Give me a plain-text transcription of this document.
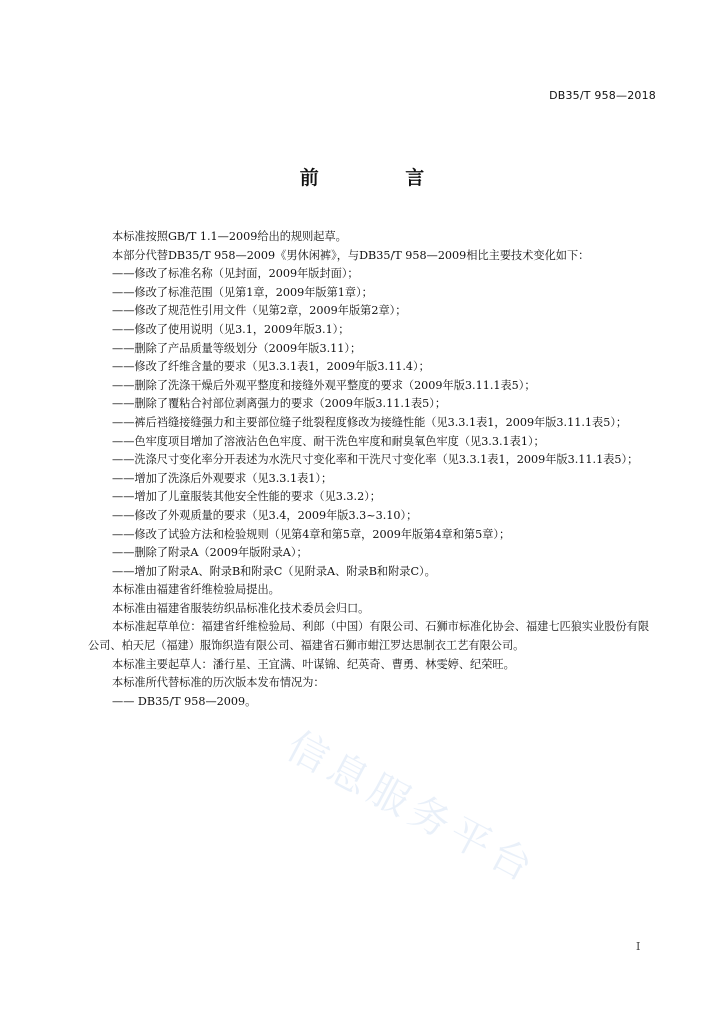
DB35/T 958—2018
前 言

本标准按照GB/T 1.1—2009给出的规则起草。

本部分代替DB35/T 958—2009《男休闲裤》，与DB35/T 958—2009相比主要技术变化如下：

——修改了标准名称（见封面，2009年版封面）；

——修改了标准范围（见第1章，2009年版第1章）；

——修改了规范性引用文件（见第2章，2009年版第2章）；

——修改了使用说明（见3.1，2009年版3.1）；

——删除了产品质量等级划分（2009年版3.11）；

——修改了纤维含量的要求（见3.3.1表1，2009年版3.11.4）；

——删除了洗涤干燥后外观平整度和接缝外观平整度的要求（2009年版3.11.1表5）；

——删除了覆粘合衬部位剥离强力的要求（2009年版3.11.1表5）；

——裤后裆缝接缝强力和主要部位缝子纰裂程度修改为接缝性能（见3.3.1表1，2009年版3.11.1表5）；

——色牢度项目增加了溶液沾色色牢度、耐干洗色牢度和耐臭氧色牢度（见3.3.1表1）；

——洗涤尺寸变化率分开表述为水洗尺寸变化率和干洗尺寸变化率（见3.3.1表1，2009年版3.11.1表5）；

——增加了洗涤后外观要求（见3.3.1表1）；

——增加了儿童服装其他安全性能的要求（见3.3.2）；

——修改了外观质量的要求（见3.4，2009年版3.3~3.10）；

——修改了试验方法和检验规则（见第4章和第5章，2009年版第4章和第5章）；

——删除了附录A（2009年版附录A）；

——增加了附录A、附录B和附录C（见附录A、附录B和附录C）。

本标准由福建省纤维检验局提出。

本标准由福建省服装纺织品标准化技术委员会归口。

本标准起草单位：福建省纤维检验局、利郎（中国）有限公司、石狮市标准化协会、福建七匹狼实业股份有限公司、柏天尼（福建）服饰织造有限公司、福建省石狮市蚶江罗达思制衣工艺有限公司。

本标准主要起草人：潘行星、王宜满、叶谋锦、纪英奇、曹勇、林雯婷、纪荣旺。

本标准所代替标准的历次版本发布情况为：

—— DB35/T 958—2009。

信息服务平台
I
